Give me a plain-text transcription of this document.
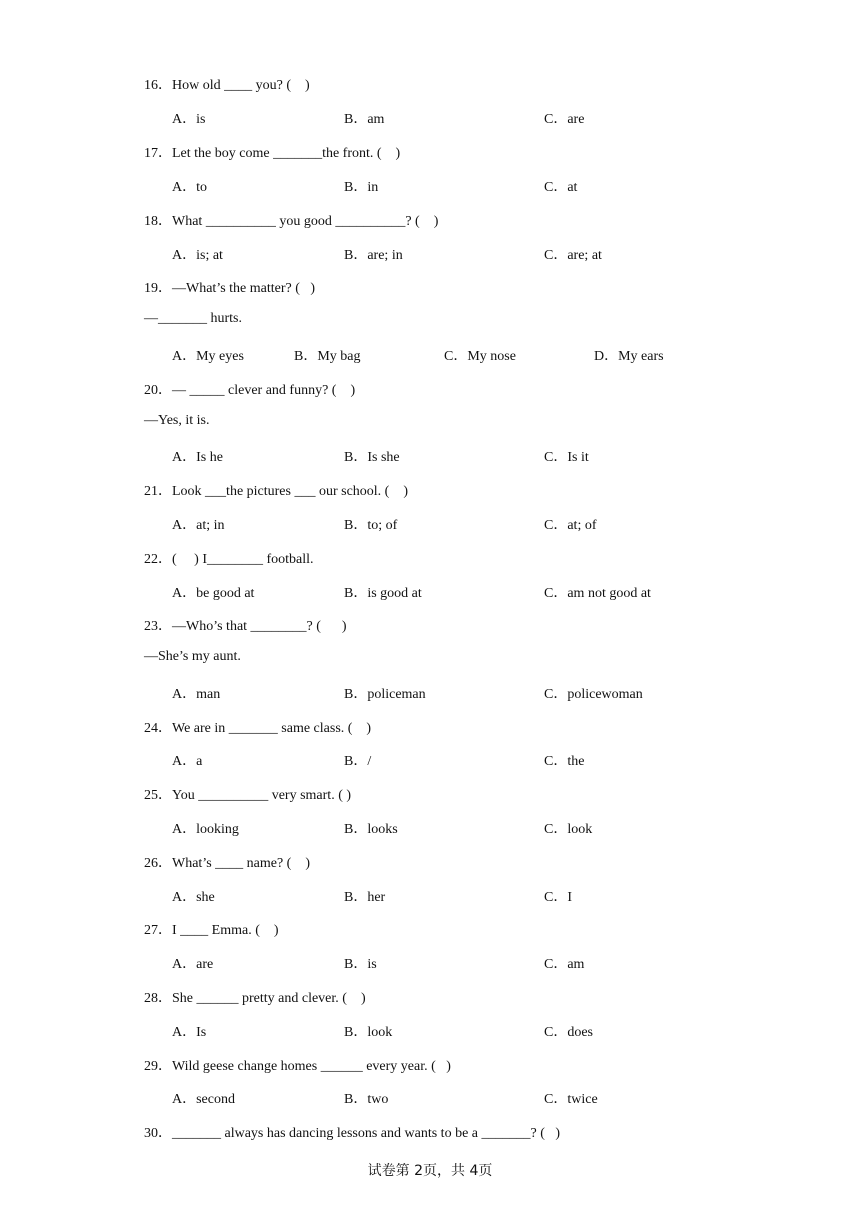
16．How old ____ you? (    )
A．is	B．am	C．are
17．Let the boy come _______the front. (    )
A．to	B．in	C．at
18．What __________ you good __________? (    )
A．is; at	B．are; in	C．are; at
19．—What’s the matter? (   )
—_______ hurts.
A．My eyes	B．My bag	C．My nose	D．My ears
20．— _____ clever and funny? (    )
—Yes, it is.
A．Is he	B．Is she	C．Is it
21．Look ___the pictures ___ our school. (    )
A．at; in	B．to; of	C．at; of
22．(     ) I________ football.
A．be good at	B．is good at	C．am not good at
23．—Who’s that ________? (      )
—She’s my aunt.
A．man	B．policeman	C．policewoman
24．We are in _______ same class. (    )
A．a	B．/	C．the
25．You __________ very smart. ( )
A．looking	B．looks	C．look
26．What’s ____ name? (    )
A．she	B．her	C．I
27．I ____ Emma. (    )
A．are	B．is	C．am
28．She ______ pretty and clever. (    )
A．Is	B．look	C．does
29．Wild geese change homes ______ every year. (   )
A．second	B．two	C．twice
30．_______ always has dancing lessons and wants to be a _______? (   )
试卷第 2页，共 4页
